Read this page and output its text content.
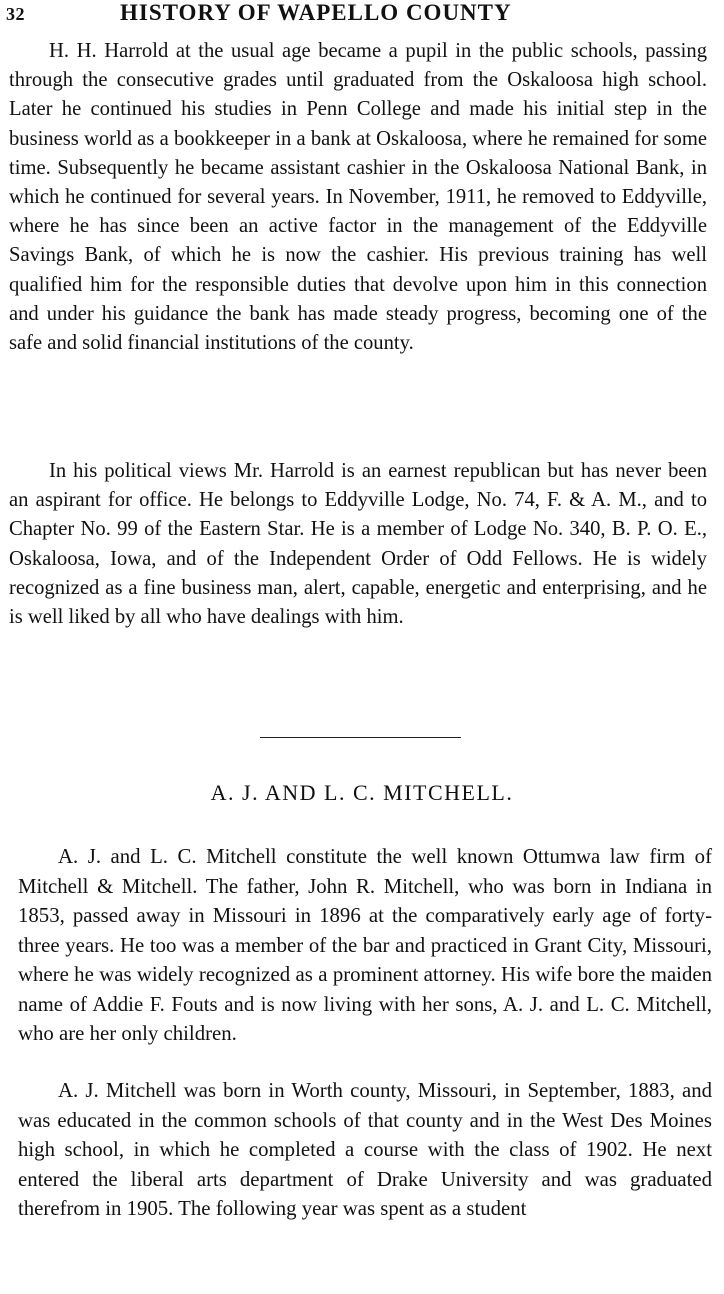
32	HISTORY OF WAPELLO COUNTY

H. H. Harrold at the usual age became a pupil in the public schools, passing through the consecutive grades until graduated from the Oskaloosa high school. Later he continued his studies in Penn College and made his initial step in the business world as a bookkeeper in a bank at Oskaloosa, where he remained for some time. Subsequently he became assistant cashier in the Oskaloosa National Bank, in which he continued for several years. In November, 1911, he removed to Eddyville, where he has since been an active factor in the management of the Eddyville Savings Bank, of which he is now the cashier. His previous training has well qualified him for the responsible duties that devolve upon him in this connection and under his guidance the bank has made steady progress, becoming one of the safe and solid financial institutions of the county.

In his political views Mr. Harrold is an earnest republican but has never been an aspirant for office. He belongs to Eddyville Lodge, No. 74, F. & A. M., and to Chapter No. 99 of the Eastern Star. He is a member of Lodge No. 340, B. P. O. E., Oskaloosa, Iowa, and of the Independent Order of Odd Fellows. He is widely recognized as a fine business man, alert, capable, energetic and enterprising, and he is well liked by all who have dealings with him.

A. J. AND L. C. MITCHELL.

A. J. and L. C. Mitchell constitute the well known Ottumwa law firm of Mitchell & Mitchell. The father, John R. Mitchell, who was born in Indiana in 1853, passed away in Missouri in 1896 at the comparatively early age of forty-three years. He too was a member of the bar and practiced in Grant City, Missouri, where he was widely recognized as a prominent attorney. His wife bore the maiden name of Addie F. Fouts and is now living with her sons, A. J. and L. C. Mitchell, who are her only children.

A. J. Mitchell was born in Worth county, Missouri, in September, 1883, and was educated in the common schools of that county and in the West Des Moines high school, in which he completed a course with the class of 1902. He next entered the liberal arts department of Drake University and was graduated therefrom in 1905. The following year was spent as a student
